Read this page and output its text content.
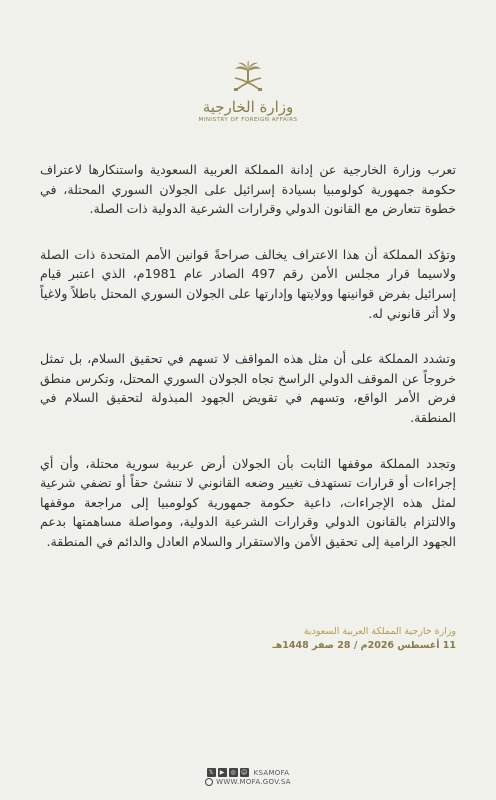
وزارة الخارجية
MINISTRY OF FOREIGN AFFAIRS

تعرب وزارة الخارجية عن إدانة المملكة العربية السعودية واستنكارها لاعتراف حكومة جمهورية كولومبيا بسيادة إسرائيل على الجولان السوري المحتلة، في خطوة تتعارض مع القانون الدولي وقرارات الشرعية الدولية ذات الصلة.

وتؤكد المملكة أن هذا الاعتراف يخالف صراحةً قوانين الأمم المتحدة ذات الصلة ولاسيما قرار مجلس الأمن رقم 497 الصادر عام 1981م، الذي اعتبر قيام إسرائيل بفرض قوانينها وولايتها وإدارتها على الجولان السوري المحتل باطلاً ولاغياً ولا أثر قانوني له.

وتشدد المملكة على أن مثل هذه المواقف لا تسهم في تحقيق السلام، بل تمثل خروجاً عن الموقف الدولي الراسخ تجاه الجولان السوري المحتل، وتكرس منطق فرض الأمر الواقع، وتسهم في تقويض الجهود المبذولة لتحقيق السلام في المنطقة.

وتجدد المملكة موقفها الثابت بأن الجولان أرض عربية سورية محتلة، وأن أي إجراءات أو قرارات تستهدف تغيير وضعه القانوني لا تنشئ حقاً أو تضفي شرعية لمثل هذه الإجراءات، داعية حكومة جمهورية كولومبيا إلى مراجعة موقفها والالتزام بالقانون الدولي وقرارات الشرعية الدولية، ومواصلة مساهمتها بدعم الجهود الرامية إلى تحقيق الأمن والاستقرار والسلام العادل والدائم في المنطقة.

وزارة خارجية المملكة العربية السعودية
11 أغسطس 2026م / 28 صفر 1448هـ
𝕏	▶	◎ ☺ KSAMOFA
WWW.MOFA.GOV.SA
